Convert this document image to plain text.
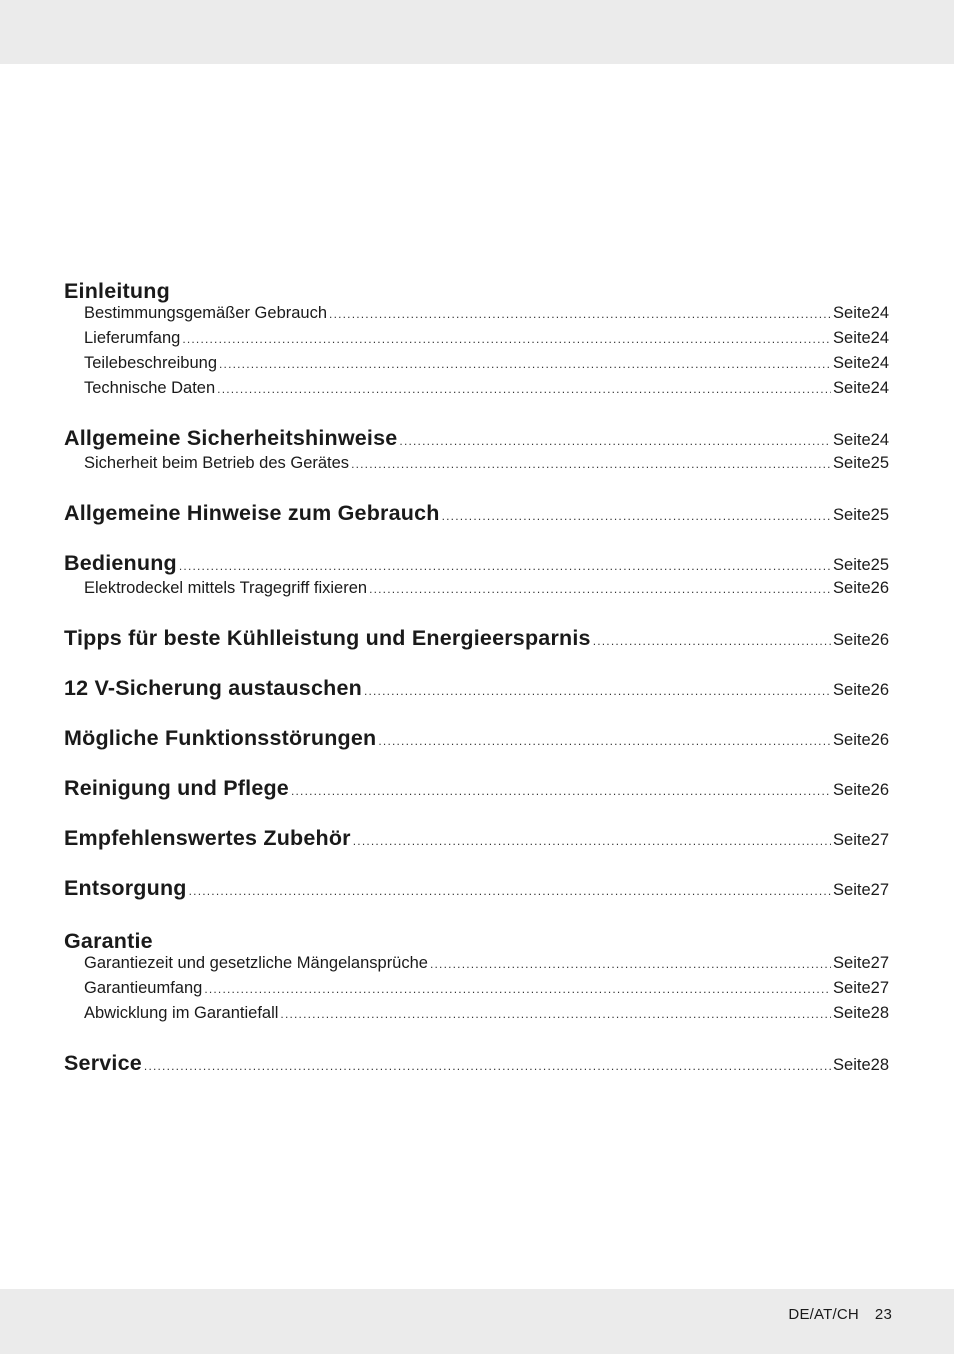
Einleitung
Bestimmungsgemäßer Gebrauch .....	Seite 24
Lieferumfang .....	Seite 24
Teilebeschreibung .....	Seite 24
Technische Daten .....	Seite 24
Allgemeine Sicherheitshinweise .....	Seite 24
Sicherheit beim Betrieb des Gerätes .....	Seite 25
Allgemeine Hinweise zum Gebrauch .....	Seite 25
Bedienung .....	Seite 25
Elektrodeckel mittels Tragegriff fixieren .....	Seite 26
Tipps für beste Kühlleistung und Energieersparnis .....	Seite 26
12 V-Sicherung austauschen .....	Seite 26
Mögliche Funktionsstörungen .....	Seite 26
Reinigung und Pflege .....	Seite 26
Empfehlenswertes Zubehör .....	Seite 27
Entsorgung .....	Seite 27
Garantie
Garantiezeit und gesetzliche Mängelansprüche .....	Seite 27
Garantieumfang .....	Seite 27
Abwicklung im Garantiefall .....	Seite 28
Service .....	Seite 28
DE/AT/CH 23
